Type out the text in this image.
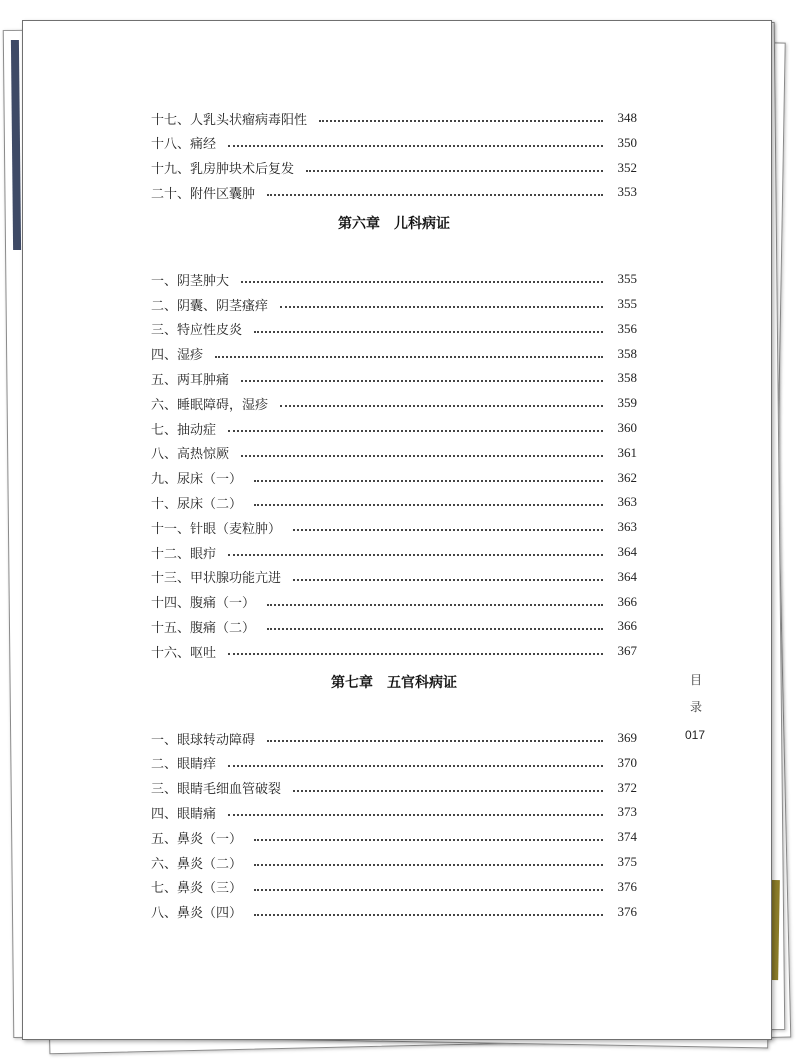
十七、人乳头状瘤病毒阳性	348
十八、痛经	350
十九、乳房肿块术后复发	352
二十、附件区囊肿	353
第六章　儿科病证
一、阴茎肿大	355
二、阴囊、阴茎瘙痒	355
三、特应性皮炎	356
四、湿疹	358
五、两耳肿痛	358
六、睡眠障碍，湿疹	359
七、抽动症	360
八、高热惊厥	361
九、尿床（一）	362
十、尿床（二）	363
十一、针眼（麦粒肿）	363
十二、眼疖	364
十三、甲状腺功能亢进	364
十四、腹痛（一）	366
十五、腹痛（二）	366
十六、呕吐	367
第七章　五官科病证
一、眼球转动障碍	369
二、眼睛痒	370
三、眼睛毛细血管破裂	372
四、眼睛痛	373
五、鼻炎（一）	374
六、鼻炎（二）	375
七、鼻炎（三）	376
八、鼻炎（四）	376
目
录
017
